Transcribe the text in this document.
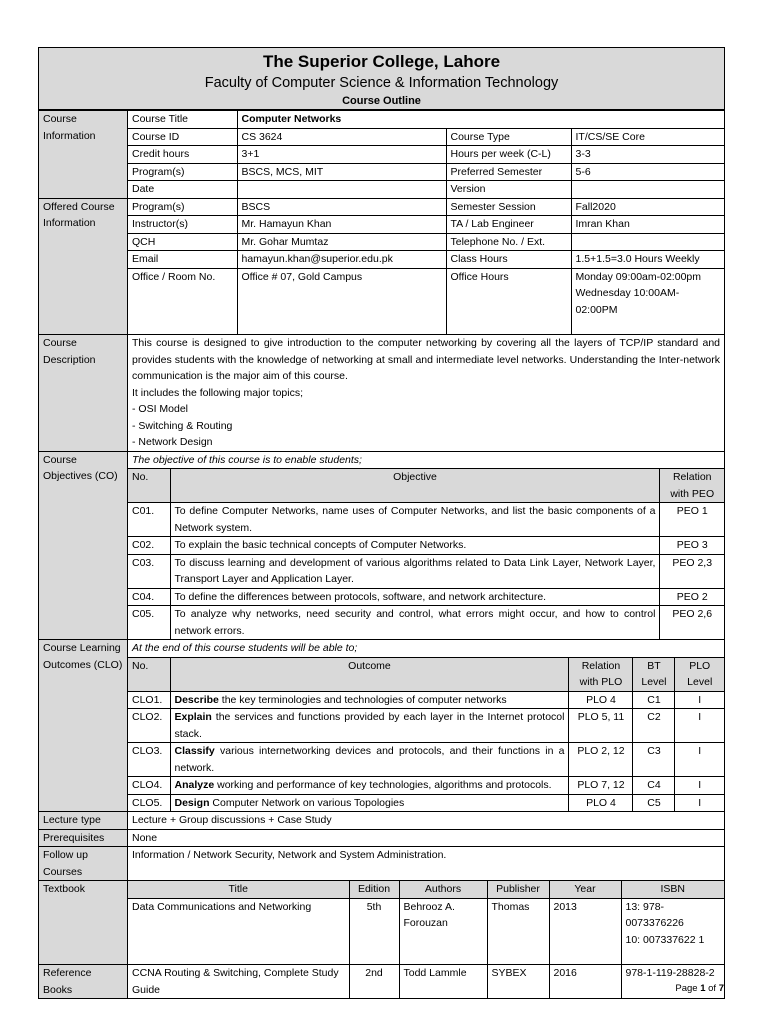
The Superior College, Lahore
Faculty of Computer Science & Information Technology
Course Outline
Course Information	
Course Title	Computer Networks
Course ID	CS 3624	Course Type	IT/CS/SE Core
Credit hours	3+1	Hours per week (C-L)	3-3
Program(s)	BSCS, MCS, MIT	Preferred Semester	5-6
Date		Version	

Offered Course Information	
Program(s)	BSCS	Semester Session	Fall2020
Instructor(s)	Mr. Hamayun Khan	TA / Lab Engineer	Imran Khan
QCH	Mr. Gohar Mumtaz	Telephone No. / Ext.	
Email	hamayun.khan@superior.edu.pk	Class Hours	1.5+1.5=3.0 Hours Weekly
Office / Room No.	Office # 07, Gold Campus	Office Hours	Monday 09:00am-02:00pm Wednesday 10:00AM-02:00PM

Course Description	
This course is designed to give introduction to the computer networking by covering all the layers of TCP/IP standard and provides students with the knowledge of networking at small and intermediate level networks. Understanding the Inter-network communication is the major aim of this course.
It includes the following major topics;
- OSI Model
- Switching & Routing
- Network Design

Course Objectives (CO)	
The objective of this course is to enable students;
No.	Objective	Relation with PEO
C01.	To define Computer Networks, name uses of Computer Networks, and list the basic components of a Network system.	PEO 1
C02.	To explain the basic technical concepts of Computer Networks.	PEO 3
C03.	To discuss learning and development of various algorithms related to Data Link Layer, Network Layer, Transport Layer and Application Layer.	PEO 2,3
C04.	To define the differences between protocols, software, and network architecture.	PEO 2
C05.	To analyze why networks, need security and control, what errors might occur, and how to control network errors.	PEO 2,6

Course Learning Outcomes (CLO)	
At the end of this course students will be able to;
No.	Outcome	Relation with PLO	BT Level	PLO Level
CLO1.	Describe the key terminologies and technologies of computer networks	PLO 4	C1	I
CLO2.	Explain the services and functions provided by each layer in the Internet protocol stack.	PLO 5, 11	C2	I
CLO3.	Classify various internetworking devices and protocols, and their functions in a network.	PLO 2, 12	C3	I
CLO4.	Analyze working and performance of key technologies, algorithms and protocols.	PLO 7, 12	C4	I
CLO5.	Design Computer Network on various Topologies	PLO 4	C5	I

Lecture type	Lecture + Group discussions + Case Study
Prerequisites	None
Follow up Courses	Information / Network Security, Network and System Administration.
Textbook		Title	Edition	Authors	Publisher	Year	ISBN
Data Communications and Networking	5th	Behrooz A. Forouzan	Thomas	2013	13: 978-0073376226
10: 007337622 1

Reference Books	
CCNA Routing & Switching, Complete Study Guide	2nd	Todd Lammle	SYBEX	2016	978-1-119-28828-2
Page 1 of 7
